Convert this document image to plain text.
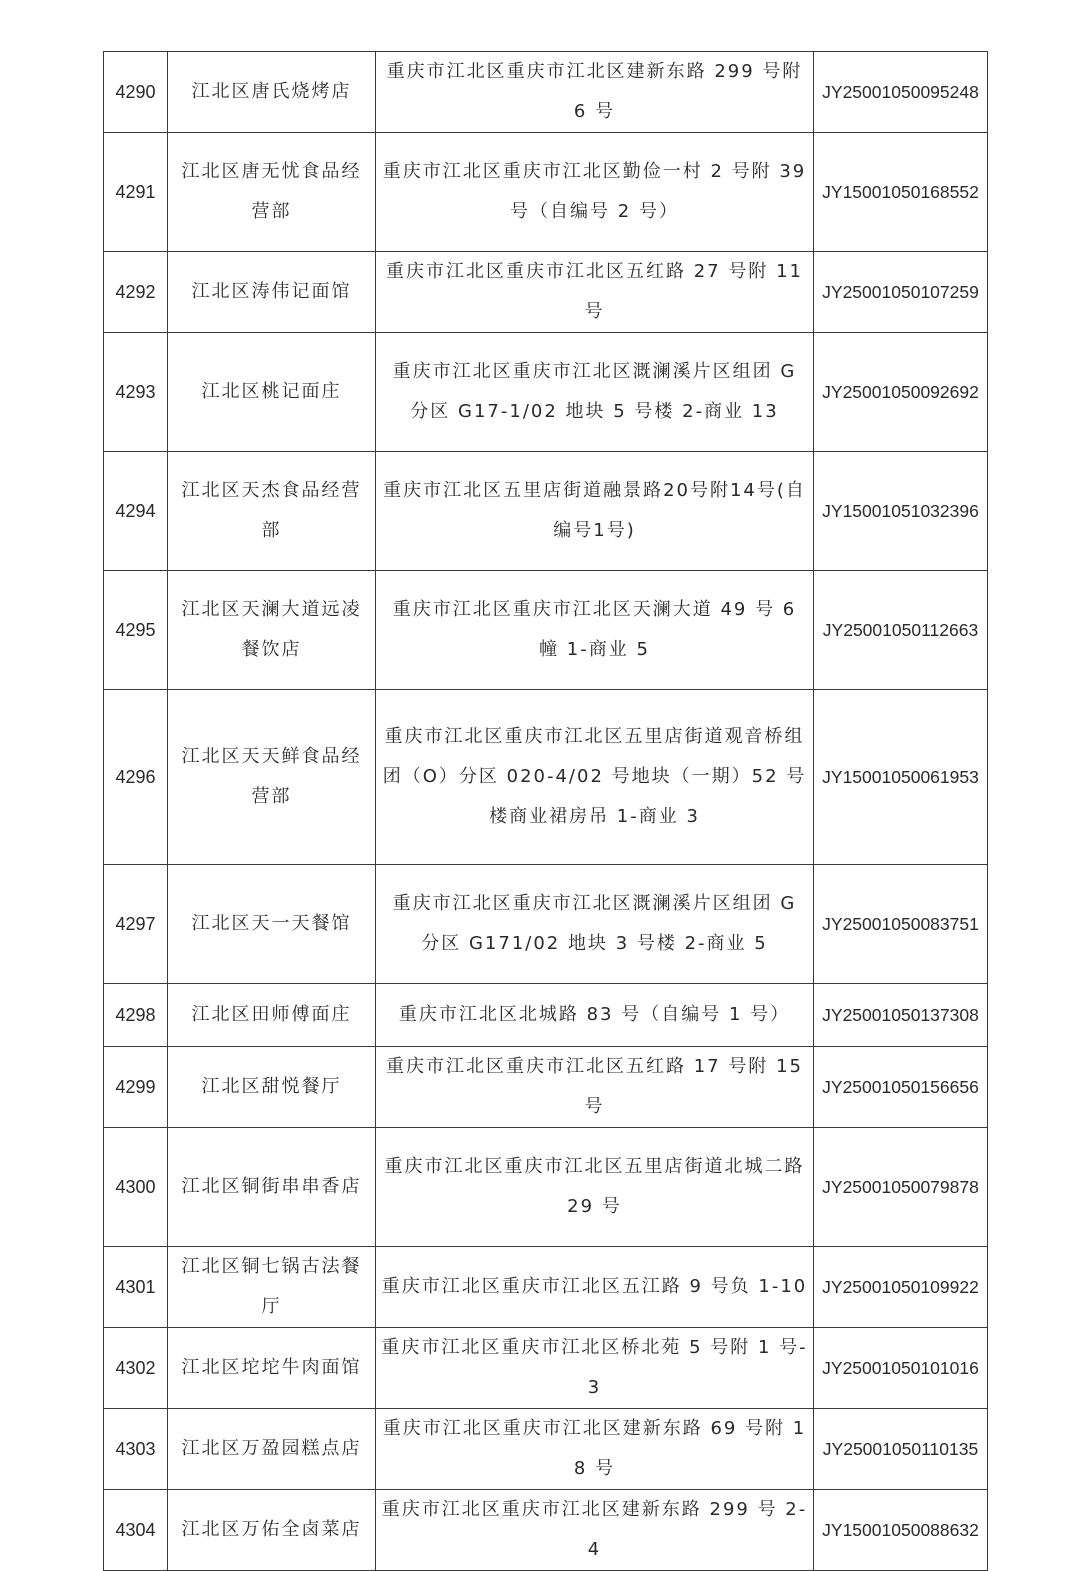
4290	江北区唐氏烧烤店	重庆市江北区重庆市江北区建新东路 299 号附 6 号	JY25001050095248
4291	江北区唐无忧食品经营部	重庆市江北区重庆市江北区勤俭一村 2 号附 39 号（自编号 2 号）	JY15001050168552
4292	江北区涛伟记面馆	重庆市江北区重庆市江北区五红路 27 号附 11 号	JY25001050107259
4293	江北区桃记面庄	重庆市江北区重庆市江北区溉澜溪片区组团 G 分区 G17-1/02 地块 5 号楼 2-商业 13	JY25001050092692
4294	江北区天杰食品经营部	重庆市江北区五里店街道融景路20号附14号(自编号1号)	JY15001051032396
4295	江北区天澜大道远凌餐饮店	重庆市江北区重庆市江北区天澜大道 49 号 6 幢 1-商业 5	JY25001050112663
4296	江北区天天鲜食品经营部	重庆市江北区重庆市江北区五里店街道观音桥组团（O）分区 020-4/02 号地块（一期）52 号楼商业裙房吊 1-商业 3	JY15001050061953
4297	江北区天一天餐馆	重庆市江北区重庆市江北区溉澜溪片区组团 G 分区 G171/02 地块 3 号楼 2-商业 5	JY25001050083751
4298	江北区田师傅面庄	重庆市江北区北城路 83 号（自编号 1 号）	JY25001050137308
4299	江北区甜悦餐厅	重庆市江北区重庆市江北区五红路 17 号附 15 号	JY25001050156656
4300	江北区铜街串串香店	重庆市江北区重庆市江北区五里店街道北城二路 29 号	JY25001050079878
4301	江北区铜七锅古法餐厅	重庆市江北区重庆市江北区五江路 9 号负 1-10	JY25001050109922
4302	江北区坨坨牛肉面馆	重庆市江北区重庆市江北区桥北苑 5 号附 1 号-3	JY25001050101016
4303	江北区万盈园糕点店	重庆市江北区重庆市江北区建新东路 69 号附 18 号	JY25001050110135
4304	江北区万佑全卤菜店	重庆市江北区重庆市江北区建新东路 299 号 2-4	JY15001050088632
